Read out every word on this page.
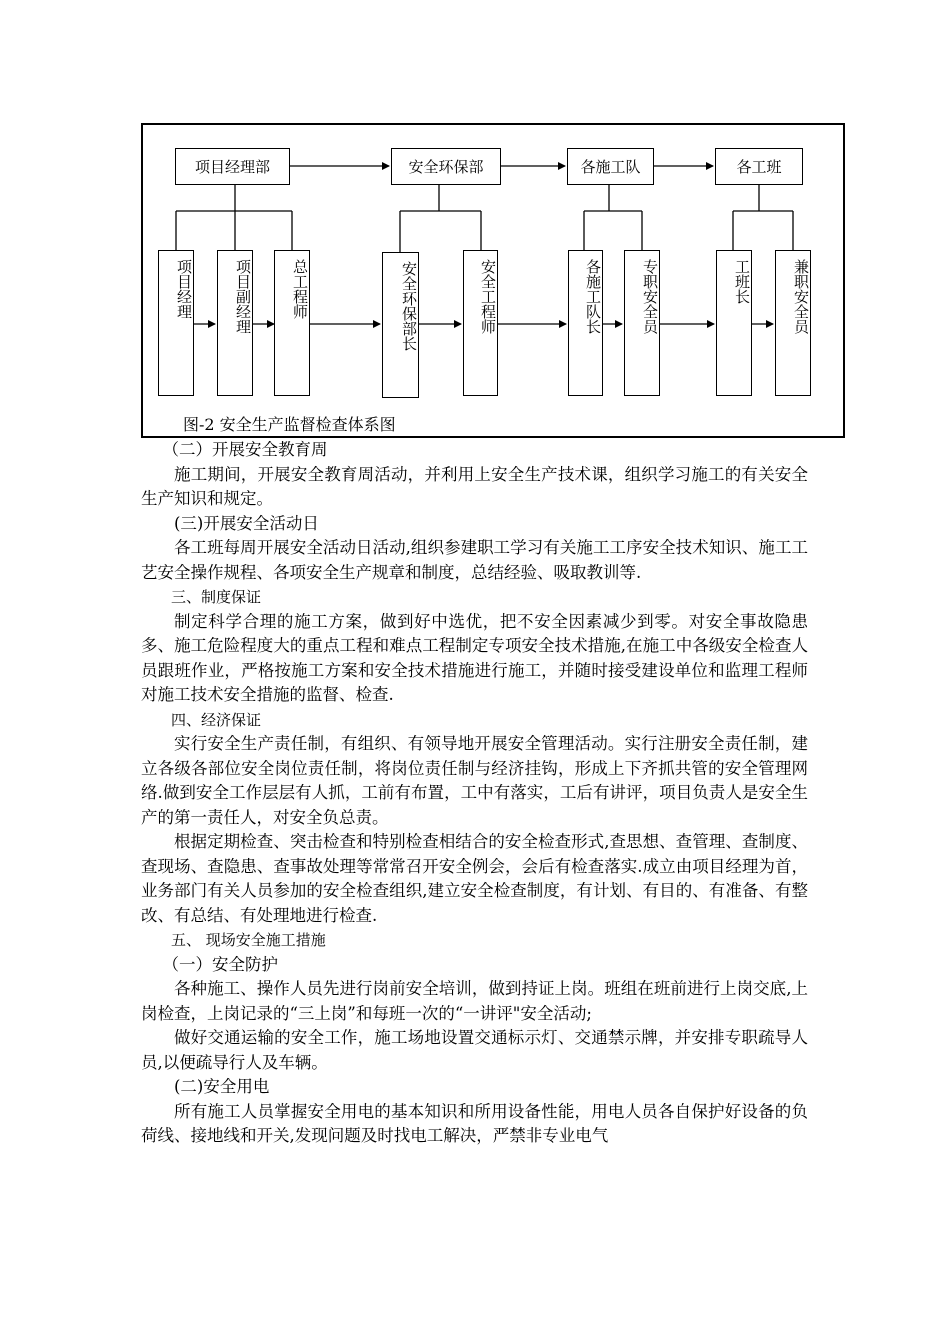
项目经理部	安全环保部	各施工队	各工班
项目经理	项目副经理	总工程师	安全环保部长	安全工程师	各施工队长	专职安全员	工班长	兼职安全员
图-2 安全生产监督检查体系图

（二）开展安全教育周

施工期间，开展安全教育周活动，并利用上安全生产技术课，组织学习施工的有关安全生产知识和规定。

(三)开展安全活动日

各工班每周开展安全活动日活动,组织参建职工学习有关施工工序安全技术知识、施工工艺安全操作规程、各项安全生产规章和制度，总结经验、吸取教训等.

三、制度保证

制定科学合理的施工方案，做到好中选优，把不安全因素减少到零。对安全事故隐患多、施工危险程度大的重点工程和难点工程制定专项安全技术措施,在施工中各级安全检查人员跟班作业，严格按施工方案和安全技术措施进行施工，并随时接受建设单位和监理工程师对施工技术安全措施的监督、检查.

四、经济保证

实行安全生产责任制，有组织、有领导地开展安全管理活动。实行注册安全责任制，建立各级各部位安全岗位责任制，将岗位责任制与经济挂钩，形成上下齐抓共管的安全管理网络.做到安全工作层层有人抓，工前有布置，工中有落实，工后有讲评，项目负责人是安全生产的第一责任人，对安全负总责。

根据定期检查、突击检查和特别检查相结合的安全检查形式,查思想、查管理、查制度、查现场、查隐患、查事故处理等常常召开安全例会，会后有检查落实.成立由项目经理为首，业务部门有关人员参加的安全检查组织,建立安全检查制度，有计划、有目的、有准备、有整改、有总结、有处理地进行检查.

五、 现场安全施工措施

（一）安全防护

各种施工、操作人员先进行岗前安全培训，做到持证上岗。班组在班前进行上岗交底,上岗检查，上岗记录的“三上岗”和每班一次的“一讲评"安全活动;

做好交通运输的安全工作，施工场地设置交通标示灯、交通禁示牌，并安排专职疏导人员,以便疏导行人及车辆。

(二)安全用电

所有施工人员掌握安全用电的基本知识和所用设备性能，用电人员各自保护好设备的负荷线、接地线和开关,发现问题及时找电工解决，严禁非专业电气
